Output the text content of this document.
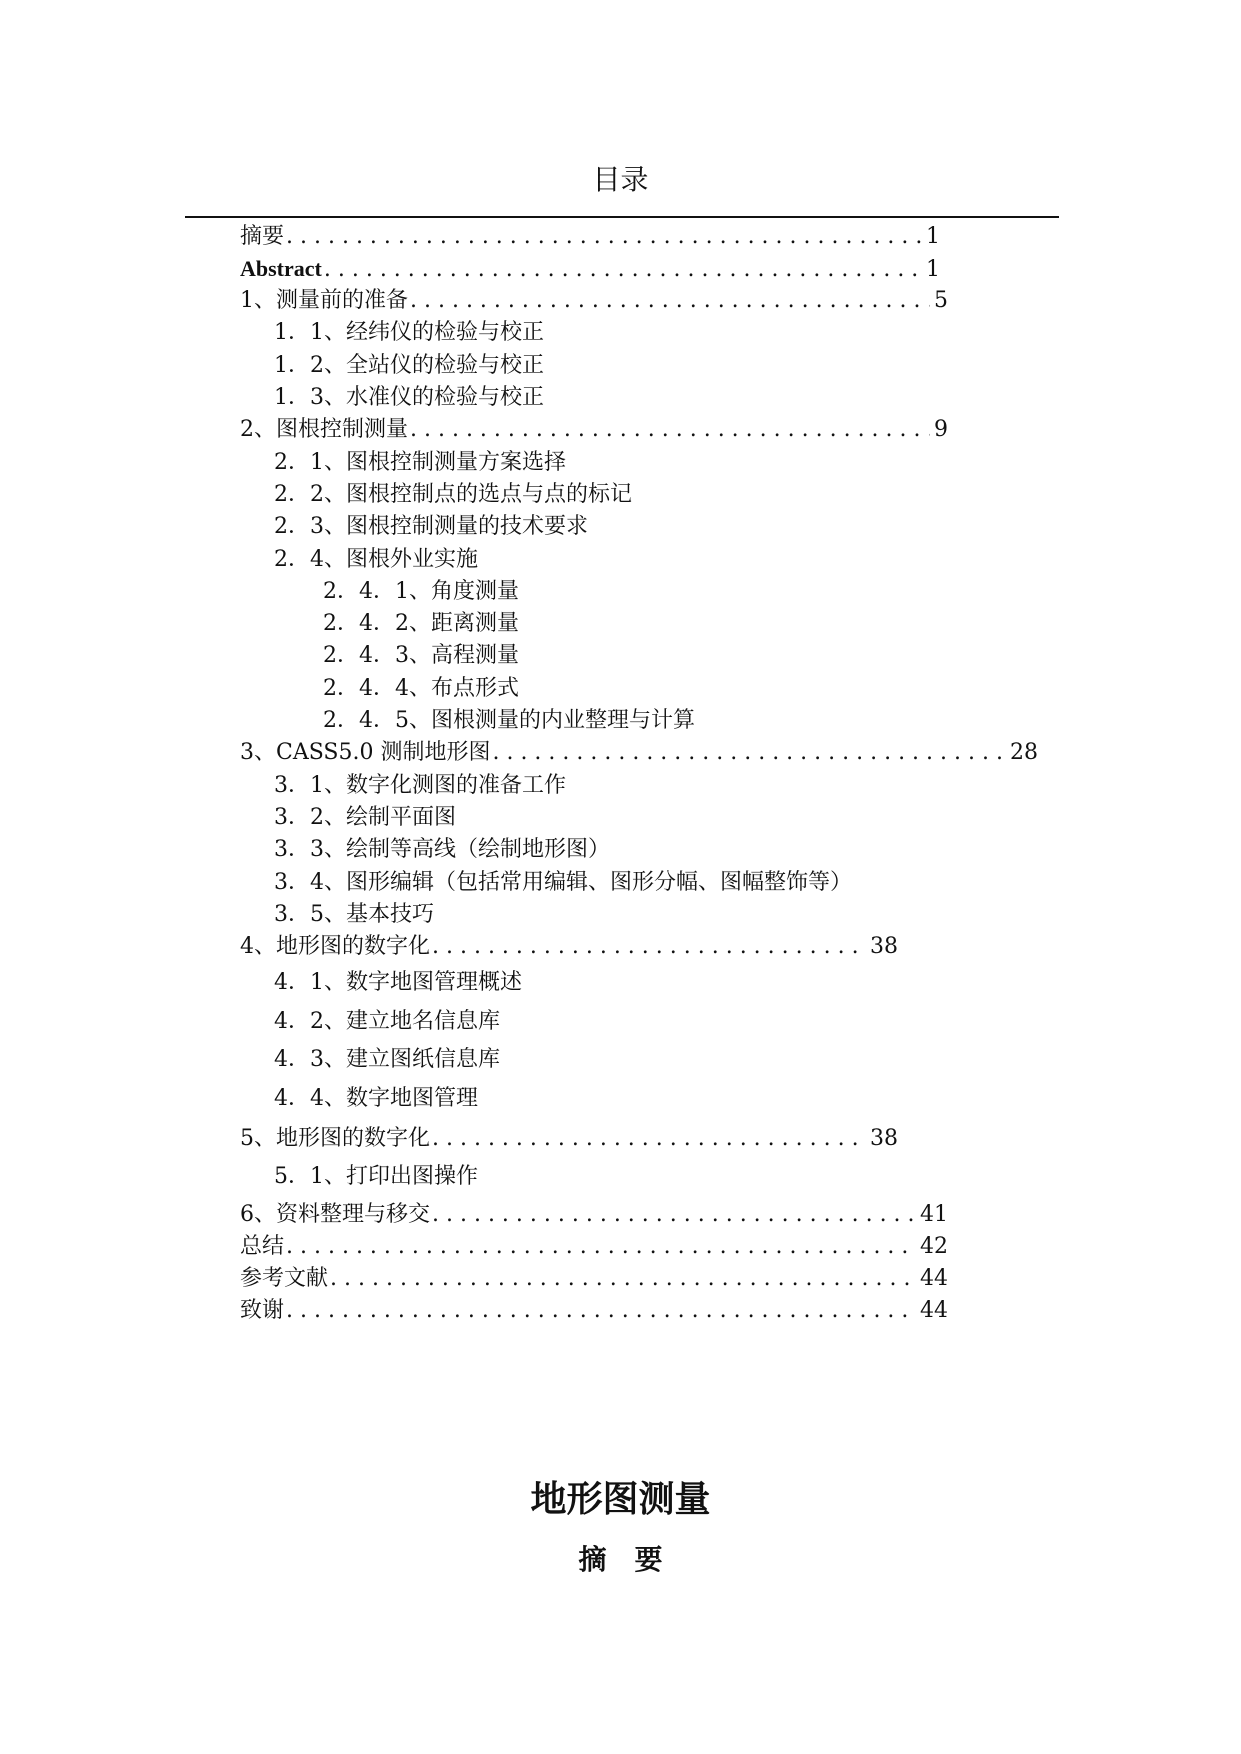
目录
摘要 . . .	1
Abstract . . .	1
1、测量前的准备 . . .	5
1．1、经纬仪的检验与校正
1．2、全站仪的检验与校正
1．3、水准仪的检验与校正
2、图根控制测量 . . .	9
2．1、图根控制测量方案选择
2．2、图根控制点的选点与点的标记
2．3、图根控制测量的技术要求
2．4、图根外业实施
2．4．1、角度测量
2．4．2、距离测量
2．4．3、高程测量
2．4．4、布点形式
2．4．5、图根测量的内业整理与计算
3、CASS5.0 测制地形图 . . .	28
3．1、数字化测图的准备工作
3．2、绘制平面图
3．3、绘制等高线（绘制地形图）
3．4、图形编辑（包括常用编辑、图形分幅、图幅整饰等）
3．5、基本技巧
4、地形图的数字化 . . .	38
4．1、数字地图管理概述
4．2、建立地名信息库
4．3、建立图纸信息库
4．4、数字地图管理
5、地形图的数字化 . . .	38
5．1、打印出图操作
6、资料整理与移交 . . .	41
总结 . . .	42
参考文献 . . .	44
致谢 . . .	44
地形图测量
摘　要
